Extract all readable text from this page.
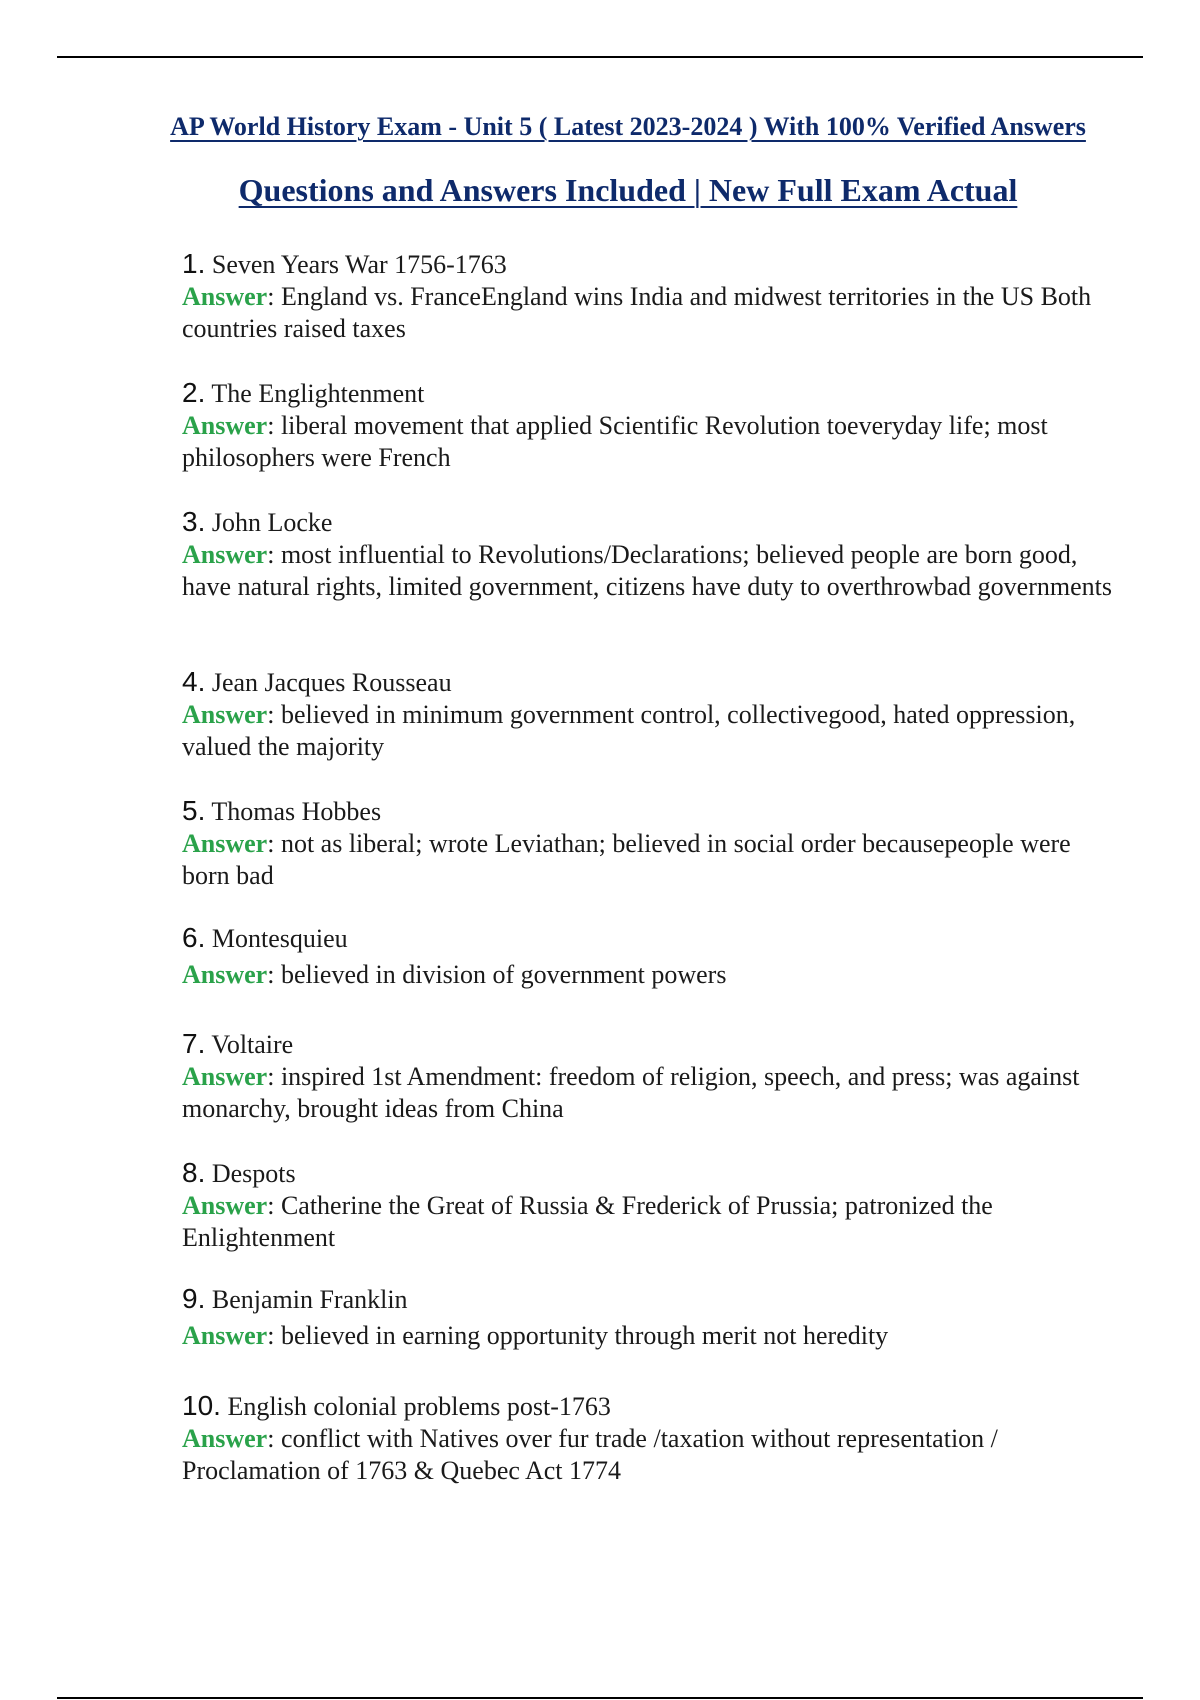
AP World History Exam - Unit 5 ( Latest 2023-2024 ) With 100% Verified Answers
Questions and Answers Included | New Full Exam Actual

1. Seven Years War 1756-1763

Answer: England vs. FranceEngland wins India and midwest territories in the US Both countries raised taxes

2. The Englightenment

Answer: liberal movement that applied Scientific Revolution toeveryday life; most philosophers were French

3. John Locke

Answer: most influential to Revolutions/Declarations; believed people are born good, have natural rights, limited government, citizens have duty to overthrowbad governments

4. Jean Jacques Rousseau

Answer: believed in minimum government control, collectivegood, hated oppression, valued the majority

5. Thomas Hobbes

Answer: not as liberal; wrote Leviathan; believed in social order becausepeople were born bad

6. Montesquieu

Answer: believed in division of government powers

7. Voltaire

Answer: inspired 1st Amendment: freedom of religion, speech, and press; was against monarchy, brought ideas from China

8. Despots

Answer: Catherine the Great of Russia & Frederick of Prussia; patronized the Enlightenment

9. Benjamin Franklin

Answer: believed in earning opportunity through merit not heredity

10. English colonial problems post-1763

Answer: conflict with Natives over fur trade /taxation without representation / Proclamation of 1763 & Quebec Act 1774
